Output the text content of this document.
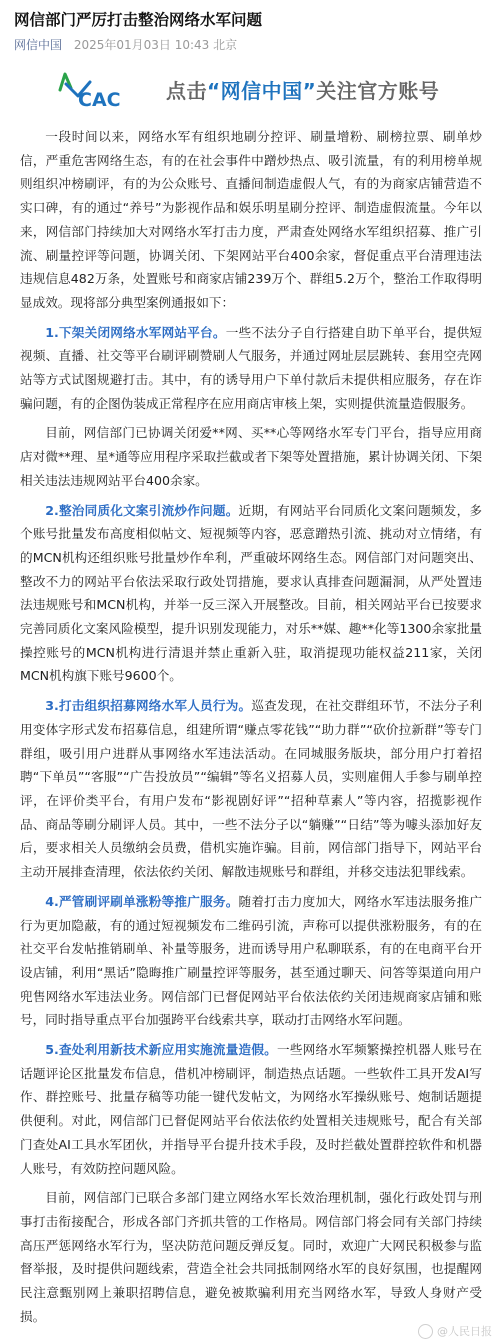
网信部门严厉打击整治网络水军问题
网信中国 2025年01月03日 10:43 北京
CAC 点击“网信中国”关注官方账号

一段时间以来，网络水军有组织地刷分控评、刷量增粉、刷榜拉票、刷单炒信，严重危害网络生态，有的在社会事件中蹭炒热点、吸引流量，有的利用榜单规则组织冲榜刷评，有的为公众账号、直播间制造虚假人气，有的为商家店铺营造不实口碑，有的通过“养号”为影视作品和娱乐明星刷分控评、制造虚假流量。今年以来，网信部门持续加大对网络水军打击力度，严肃查处网络水军组织招募、推广引流、刷量控评等问题，协调关闭、下架网站平台400余家，督促重点平台清理违法违规信息482万条，处置账号和商家店铺239万个、群组5.2万个，整治工作取得明显成效。现将部分典型案例通报如下：

1.下架关闭网络水军网站平台。一些不法分子自行搭建自助下单平台，提供短视频、直播、社交等平台刷评刷赞刷人气服务，并通过网址层层跳转、套用空壳网站等方式试图规避打击。其中，有的诱导用户下单付款后未提供相应服务，存在诈骗问题，有的企图伪装成正常程序在应用商店审核上架，实则提供流量造假服务。

目前，网信部门已协调关闭爱**网、买**心等网络水军专门平台，指导应用商店对微**理、星*通等应用程序采取拦截或者下架等处置措施，累计协调关闭、下架相关违法违规网站平台400余家。

2.整治同质化文案引流炒作问题。近期，有网站平台同质化文案问题频发，多个账号批量发布高度相似帖文、短视频等内容，恶意蹭热引流、挑动对立情绪，有的MCN机构还组织账号批量炒作牟利，严重破坏网络生态。网信部门对问题突出、整改不力的网站平台依法采取行政处罚措施，要求认真排查问题漏洞，从严处置违法违规账号和MCN机构，并举一反三深入开展整改。目前，相关网站平台已按要求完善同质化文案风险模型，提升识别发现能力，对乐**媒、趣**化等1300余家批量操控账号的MCN机构进行清退并禁止重新入驻，取消提现功能权益211家，关闭MCN机构旗下账号9600个。

3.打击组织招募网络水军人员行为。巡查发现，在社交群组环节，不法分子利用变体字形式发布招募信息，组建所谓“赚点零花钱”“助力群”“砍价拉新群”等专门群组，吸引用户进群从事网络水军违法活动。在同城服务版块，部分用户打着招聘“下单员”“客服”“广告投放员”“编辑”等名义招募人员，实则雇佣人手参与刷单控评，在评价类平台，有用户发布“影视剧好评”“招种草素人”等内容，招揽影视作品、商品等刷分刷评人员。其中，一些不法分子以“躺赚”“日结”等为噱头添加好友后，要求相关人员缴纳会员费，借机实施诈骗。目前，网信部门指导下，网站平台主动开展排查清理，依法依约关闭、解散违规账号和群组，并移交违法犯罪线索。

4.严管刷评刷单涨粉等推广服务。随着打击力度加大，网络水军违法服务推广行为更加隐蔽，有的通过短视频发布二维码引流，声称可以提供涨粉服务，有的在社交平台发帖推销刷单、补量等服务，进而诱导用户私聊联系，有的在电商平台开设店铺，利用“黑话”隐晦推广刷量控评等服务，甚至通过聊天、问答等渠道向用户兜售网络水军违法业务。网信部门已督促网站平台依法依约关闭违规商家店铺和账号，同时指导重点平台加强跨平台线索共享，联动打击网络水军问题。

5.查处利用新技术新应用实施流量造假。一些网络水军频繁操控机器人账号在话题评论区批量发布信息，借机冲榜刷评，制造热点话题。一些软件工具开发AI写作、群控账号、批量存稿等功能一键代发帖文，为网络水军操纵账号、炮制话题提供便利。对此，网信部门已督促网站平台依法依约处置相关违规账号，配合有关部门查处AI工具水军团伙，并指导平台提升技术手段，及时拦截处置群控软件和机器人账号，有效防控问题风险。

目前，网信部门已联合多部门建立网络水军长效治理机制，强化行政处罚与刑事打击衔接配合，形成各部门齐抓共管的工作格局。网信部门将会同有关部门持续高压严惩网络水军行为，坚决防范问题反弹反复。同时，欢迎广大网民积极参与监督举报，及时提供问题线索，营造全社会共同抵制网络水军的良好氛围，也提醒网民注意甄别网上兼职招聘信息，避免被欺骗利用充当网络水军，导致人身财产受损。

@人民日报
